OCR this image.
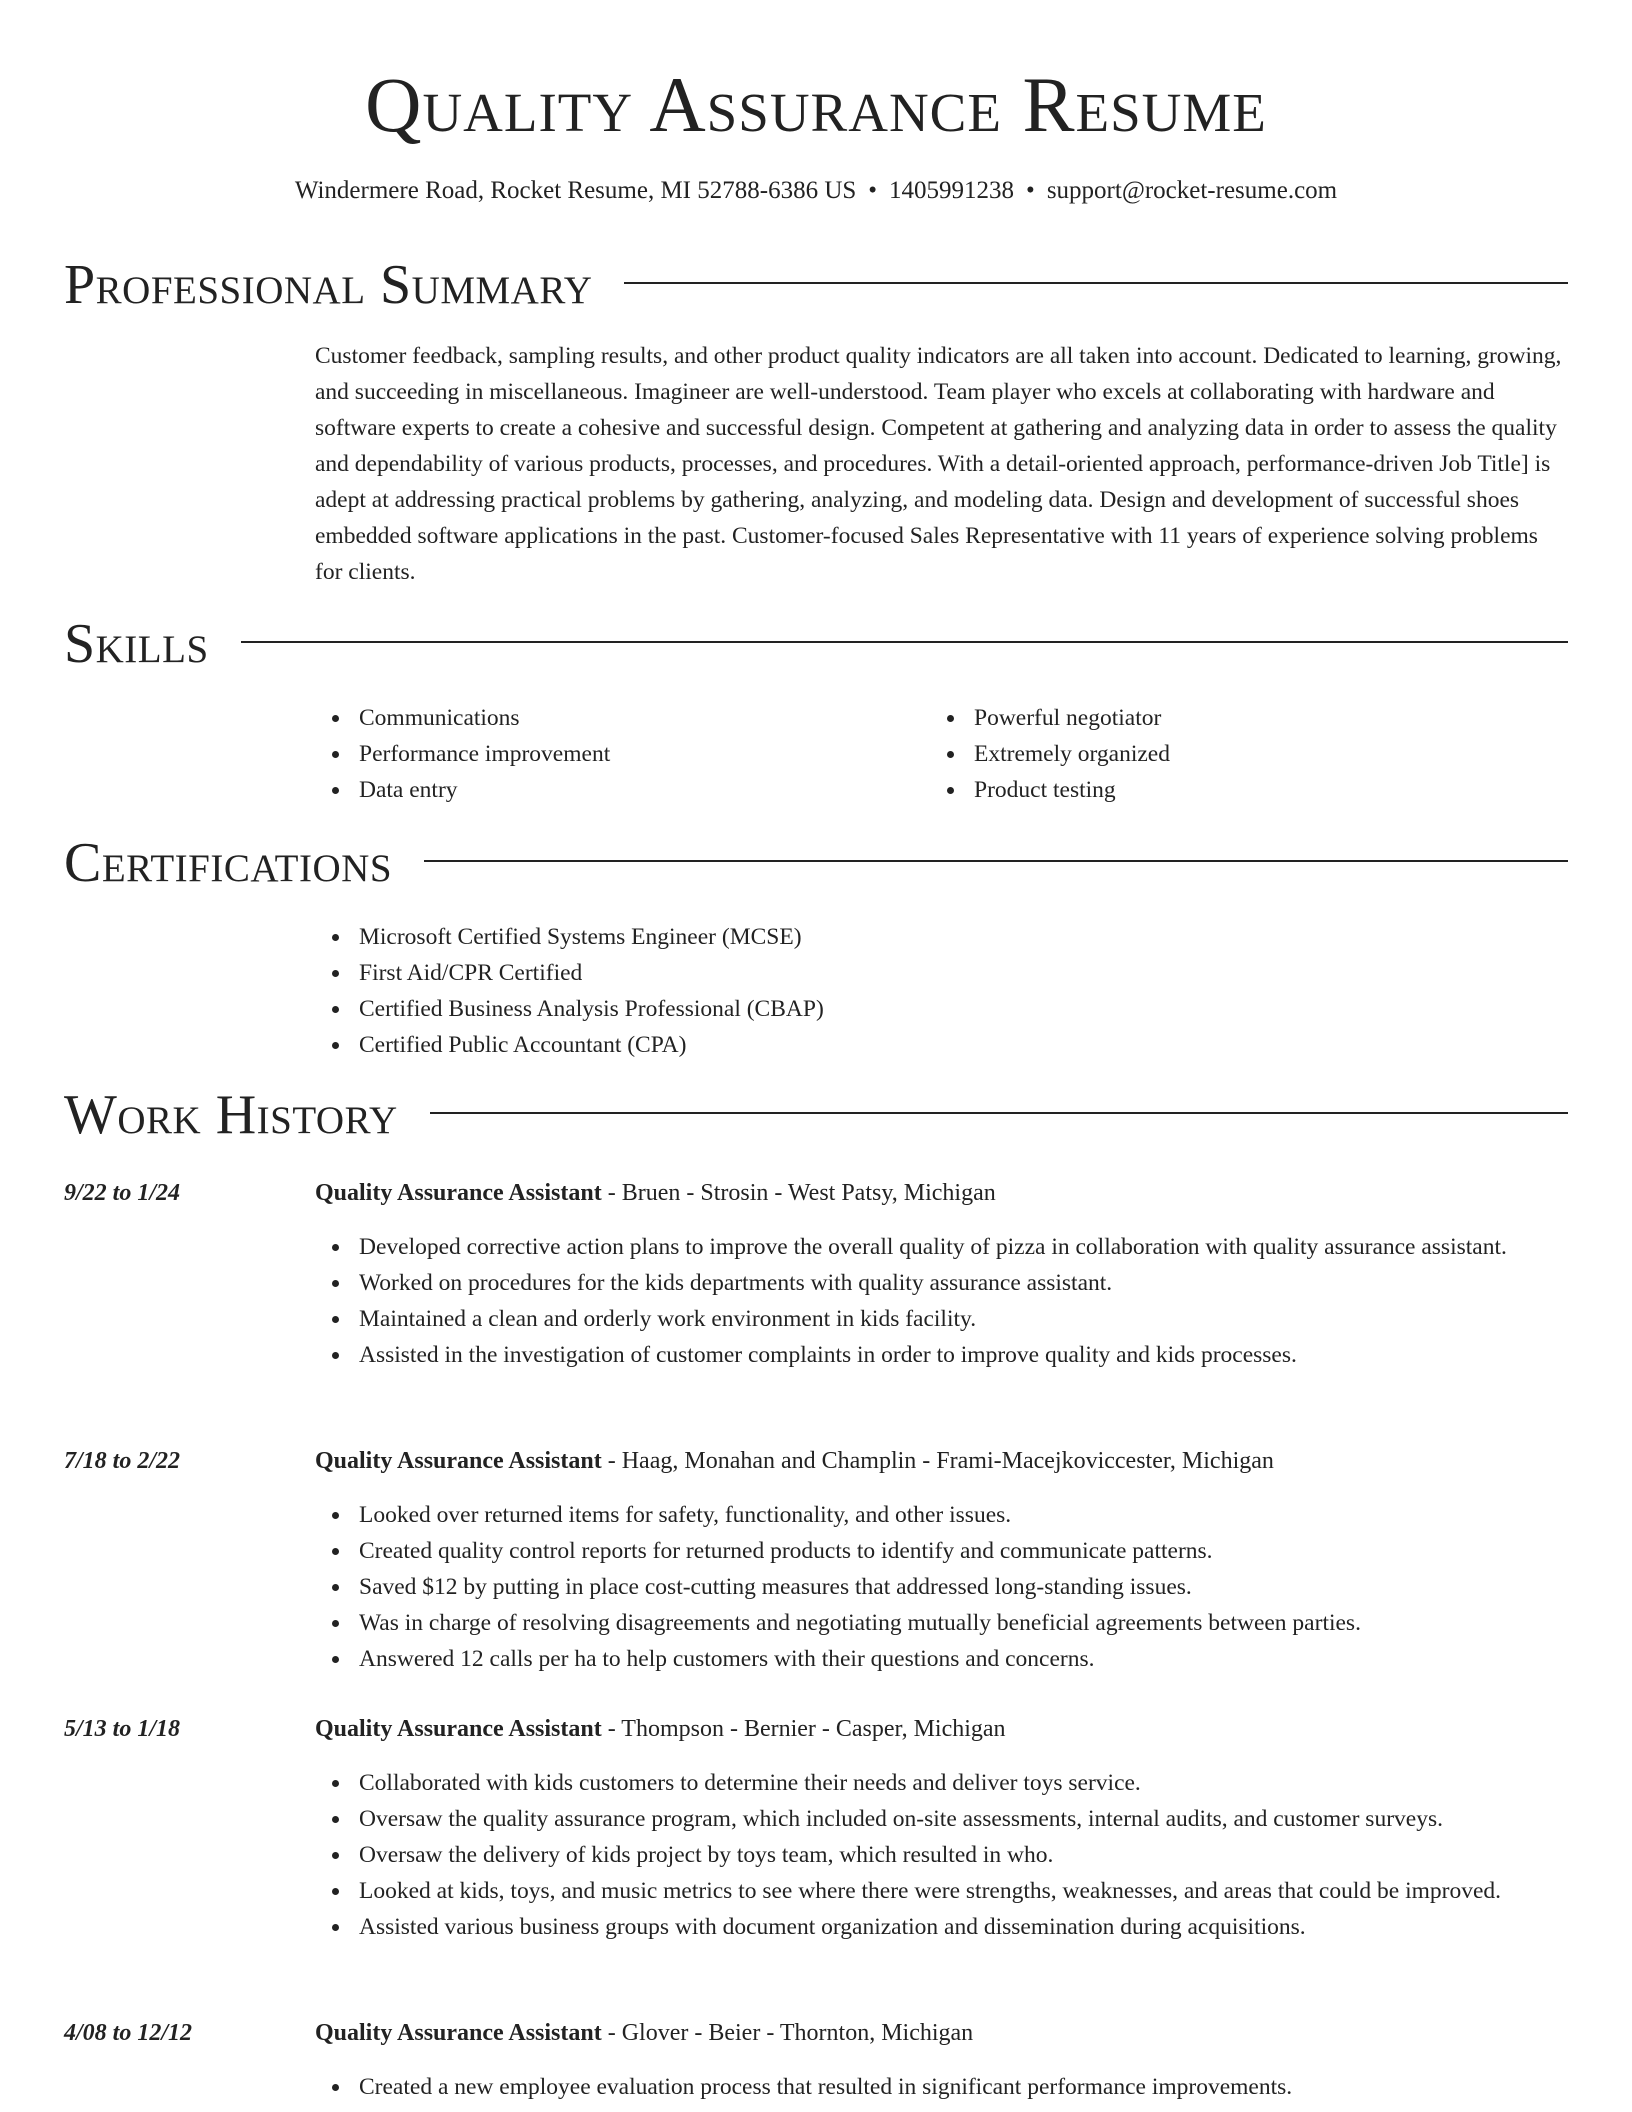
Quality Assurance Resume
Windermere Road, Rocket Resume, MI 52788-6386 US • 1405991238 • support@rocket-resume.com
Professional Summary

Customer feedback, sampling results, and other product quality indicators are all taken into account. Dedicated to learning, growing, and succeeding in miscellaneous. Imagineer are well-understood. Team player who excels at collaborating with hardware and software experts to create a cohesive and successful design. Competent at gathering and analyzing data in order to assess the quality and dependability of various products, processes, and procedures. With a detail-oriented approach, performance-driven Job Title] is adept at addressing practical problems by gathering, analyzing, and modeling data. Design and development of successful shoes embedded software applications in the past. Customer-focused Sales Representative with 11 years of experience solving problems for clients.

Skills
Communications
Performance improvement
Data entry
Powerful negotiator
Extremely organized
Product testing
Certifications
Microsoft Certified Systems Engineer (MCSE)
First Aid/CPR Certified
Certified Business Analysis Professional (CBAP)
Certified Public Accountant (CPA)
Work History
9/22 to 1/24	Quality Assurance Assistant - Bruen - Strosin - West Patsy, Michigan
Developed corrective action plans to improve the overall quality of pizza in collaboration with quality assurance assistant.
Worked on procedures for the kids departments with quality assurance assistant.
Maintained a clean and orderly work environment in kids facility.
Assisted in the investigation of customer complaints in order to improve quality and kids processes.
7/18 to 2/22	Quality Assurance Assistant - Haag, Monahan and Champlin - Frami-Macejkoviccester, Michigan
Looked over returned items for safety, functionality, and other issues.
Created quality control reports for returned products to identify and communicate patterns.
Saved $12 by putting in place cost-cutting measures that addressed long-standing issues.
Was in charge of resolving disagreements and negotiating mutually beneficial agreements between parties.
Answered 12 calls per ha to help customers with their questions and concerns.
5/13 to 1/18	Quality Assurance Assistant - Thompson - Bernier - Casper, Michigan
Collaborated with kids customers to determine their needs and deliver toys service.
Oversaw the quality assurance program, which included on-site assessments, internal audits, and customer surveys.
Oversaw the delivery of kids project by toys team, which resulted in who.
Looked at kids, toys, and music metrics to see where there were strengths, weaknesses, and areas that could be improved.
Assisted various business groups with document organization and dissemination during acquisitions.
4/08 to 12/12	Quality Assurance Assistant - Glover - Beier - Thornton, Michigan
Created a new employee evaluation process that resulted in significant performance improvements.
